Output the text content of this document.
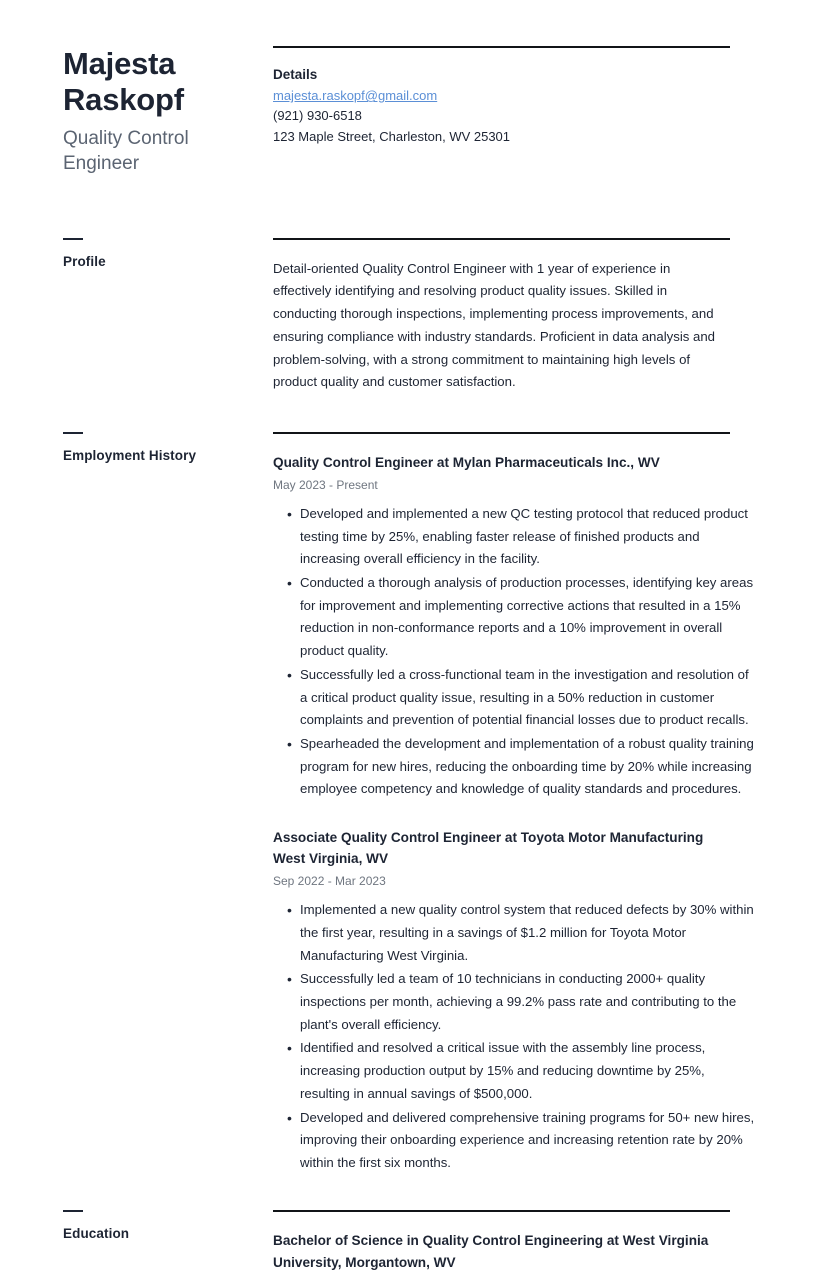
Majesta Raskopf
Quality Control Engineer
Details
majesta.raskopf@gmail.com
(921) 930-6518
123 Maple Street, Charleston, WV 25301
Profile	Detail-oriented Quality Control Engineer with 1 year of experience in effectively identifying and resolving product quality issues. Skilled in conducting thorough inspections, implementing process improvements, and ensuring compliance with industry standards. Proficient in data analysis and problem-solving, with a strong commitment to maintaining high levels of product quality and customer satisfaction.

Employment History	Quality Control Engineer at Mylan Pharmaceuticals Inc., WV
May 2023 - Present
• Developed and implemented a new QC testing protocol that reduced product testing time by 25%, enabling faster release of finished products and increasing overall efficiency in the facility.
• Conducted a thorough analysis of production processes, identifying key areas for improvement and implementing corrective actions that resulted in a 15% reduction in non-conformance reports and a 10% improvement in overall product quality.
• Successfully led a cross-functional team in the investigation and resolution of a critical product quality issue, resulting in a 50% reduction in customer complaints and prevention of potential financial losses due to product recalls.
• Spearheaded the development and implementation of a robust quality training program for new hires, reducing the onboarding time by 20% while increasing employee competency and knowledge of quality standards and procedures.
Associate Quality Control Engineer at Toyota Motor Manufacturing West Virginia, WV
Sep 2022 - Mar 2023
• Implemented a new quality control system that reduced defects by 30% within the first year, resulting in a savings of $1.2 million for Toyota Motor Manufacturing West Virginia.
• Successfully led a team of 10 technicians in conducting 2000+ quality inspections per month, achieving a 99.2% pass rate and contributing to the plant's overall efficiency.
• Identified and resolved a critical issue with the assembly line process, increasing production output by 15% and reducing downtime by 25%, resulting in annual savings of $500,000.
• Developed and delivered comprehensive training programs for 50+ new hires, improving their onboarding experience and increasing retention rate by 20% within the first six months.
Education	Bachelor of Science in Quality Control Engineering at West Virginia University, Morgantown, WV
